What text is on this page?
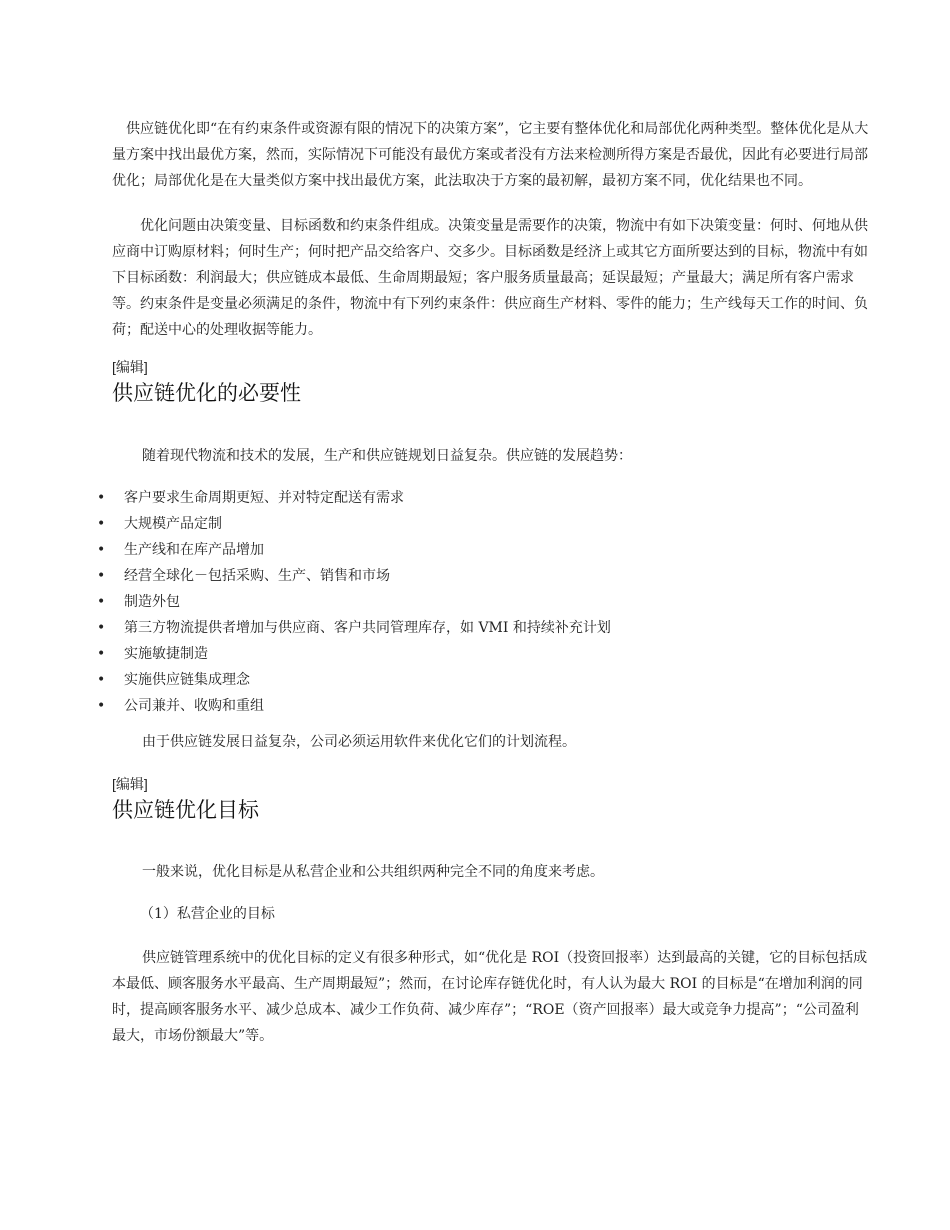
供应链优化即“在有约束条件或资源有限的情况下的决策方案”，它主要有整体优化和局部优化两种类型。整体优化是从大量方案中找出最优方案，然而，实际情况下可能没有最优方案或者没有方法来检测所得方案是否最优，因此有必要进行局部优化；局部优化是在大量类似方案中找出最优方案，此法取决于方案的最初解，最初方案不同，优化结果也不同。

优化问题由决策变量、目标函数和约束条件组成。决策变量是需要作的决策，物流中有如下决策变量：何时、何地从供应商中订购原材料；何时生产；何时把产品交给客户、交多少。目标函数是经济上或其它方面所要达到的目标，物流中有如下目标函数：利润最大；供应链成本最低、生命周期最短；客户服务质量最高；延误最短；产量最大；满足所有客户需求等。约束条件是变量必须满足的条件，物流中有下列约束条件：供应商生产材料、零件的能力；生产线每天工作的时间、负荷；配送中心的处理收据等能力。

[编辑]
供应链优化的必要性

随着现代物流和技术的发展，生产和供应链规划日益复杂。供应链的发展趋势：

• 客户要求生命周期更短、并对特定配送有需求
• 大规模产品定制
• 生产线和在库产品增加
• 经营全球化－包括采购、生产、销售和市场
• 制造外包
• 第三方物流提供者增加与供应商、客户共同管理库存，如 VMI 和持续补充计划
• 实施敏捷制造
• 实施供应链集成理念
• 公司兼并、收购和重组

由于供应链发展日益复杂，公司必须运用软件来优化它们的计划流程。

[编辑]
供应链优化目标

一般来说，优化目标是从私营企业和公共组织两种完全不同的角度来考虑。

（1）私营企业的目标

供应链管理系统中的优化目标的定义有很多种形式，如“优化是 ROI（投资回报率）达到最高的关键，它的目标包括成本最低、顾客服务水平最高、生产周期最短”；然而，在讨论库存链优化时，有人认为最大 ROI 的目标是“在增加利润的同时，提高顾客服务水平、减少总成本、减少工作负荷、减少库存”；“ROE（资产回报率）最大或竞争力提高”；“公司盈利最大，市场份额最大”等。
